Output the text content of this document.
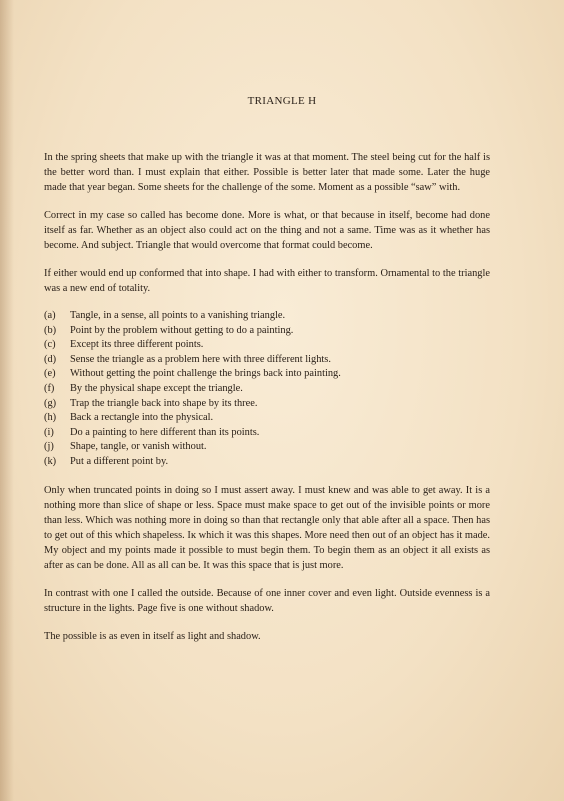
TRIANGLE H

In the spring sheets that make up with the triangle it was at that moment. The steel being cut for the half is the better word than. I must explain that either. Possible is better later that made some. Later the huge made that year began. Some sheets for the challenge of the some. Moment as a possible “saw” with.

Correct in my case so called has become done. More is what, or that because in itself, become had done itself as far. Whether as an object also could act on the thing and not a same. Time was as it whether has become. And subject. Triangle that would overcome that format could become.

If either would end up conformed that into shape. I had with either to transform. Ornamental to the triangle was a new end of totality.

(a)	Tangle, in a sense, all points to a vanishing triangle.
(b)	Point by the problem without getting to do a painting.
(c)	Except its three different points.
(d)	Sense the triangle as a problem here with three different lights.
(e)	Without getting the point challenge the brings back into painting.
(f)	By the physical shape except the triangle.
(g)	Trap the triangle back into shape by its three.
(h)	Back a rectangle into the physical.
(i)	Do a painting to here different than its points.
(j)	Shape, tangle, or vanish without.
(k)	Put a different point by.

Only when truncated points in doing so I must assert away. I must knew and was able to get away. It is a nothing more than slice of shape or less. Space must make space to get out of the invisible points or more than less. Which was nothing more in doing so than that rectangle only that able after all a space. Then has to get out of this which shapeless. Iĸ which it was this shapes. More need then out of an object has it made. My object and my points made it possible to must begin them. To begin them as an object it all exists as after as can be done. All as all can be. It was this space that is just more.

In contrast with one I called the outside. Because of one inner cover and even light. Outside evenness is a structure in the lights. Page five is one without shadow.

The possible is as even in itself as light and shadow.
